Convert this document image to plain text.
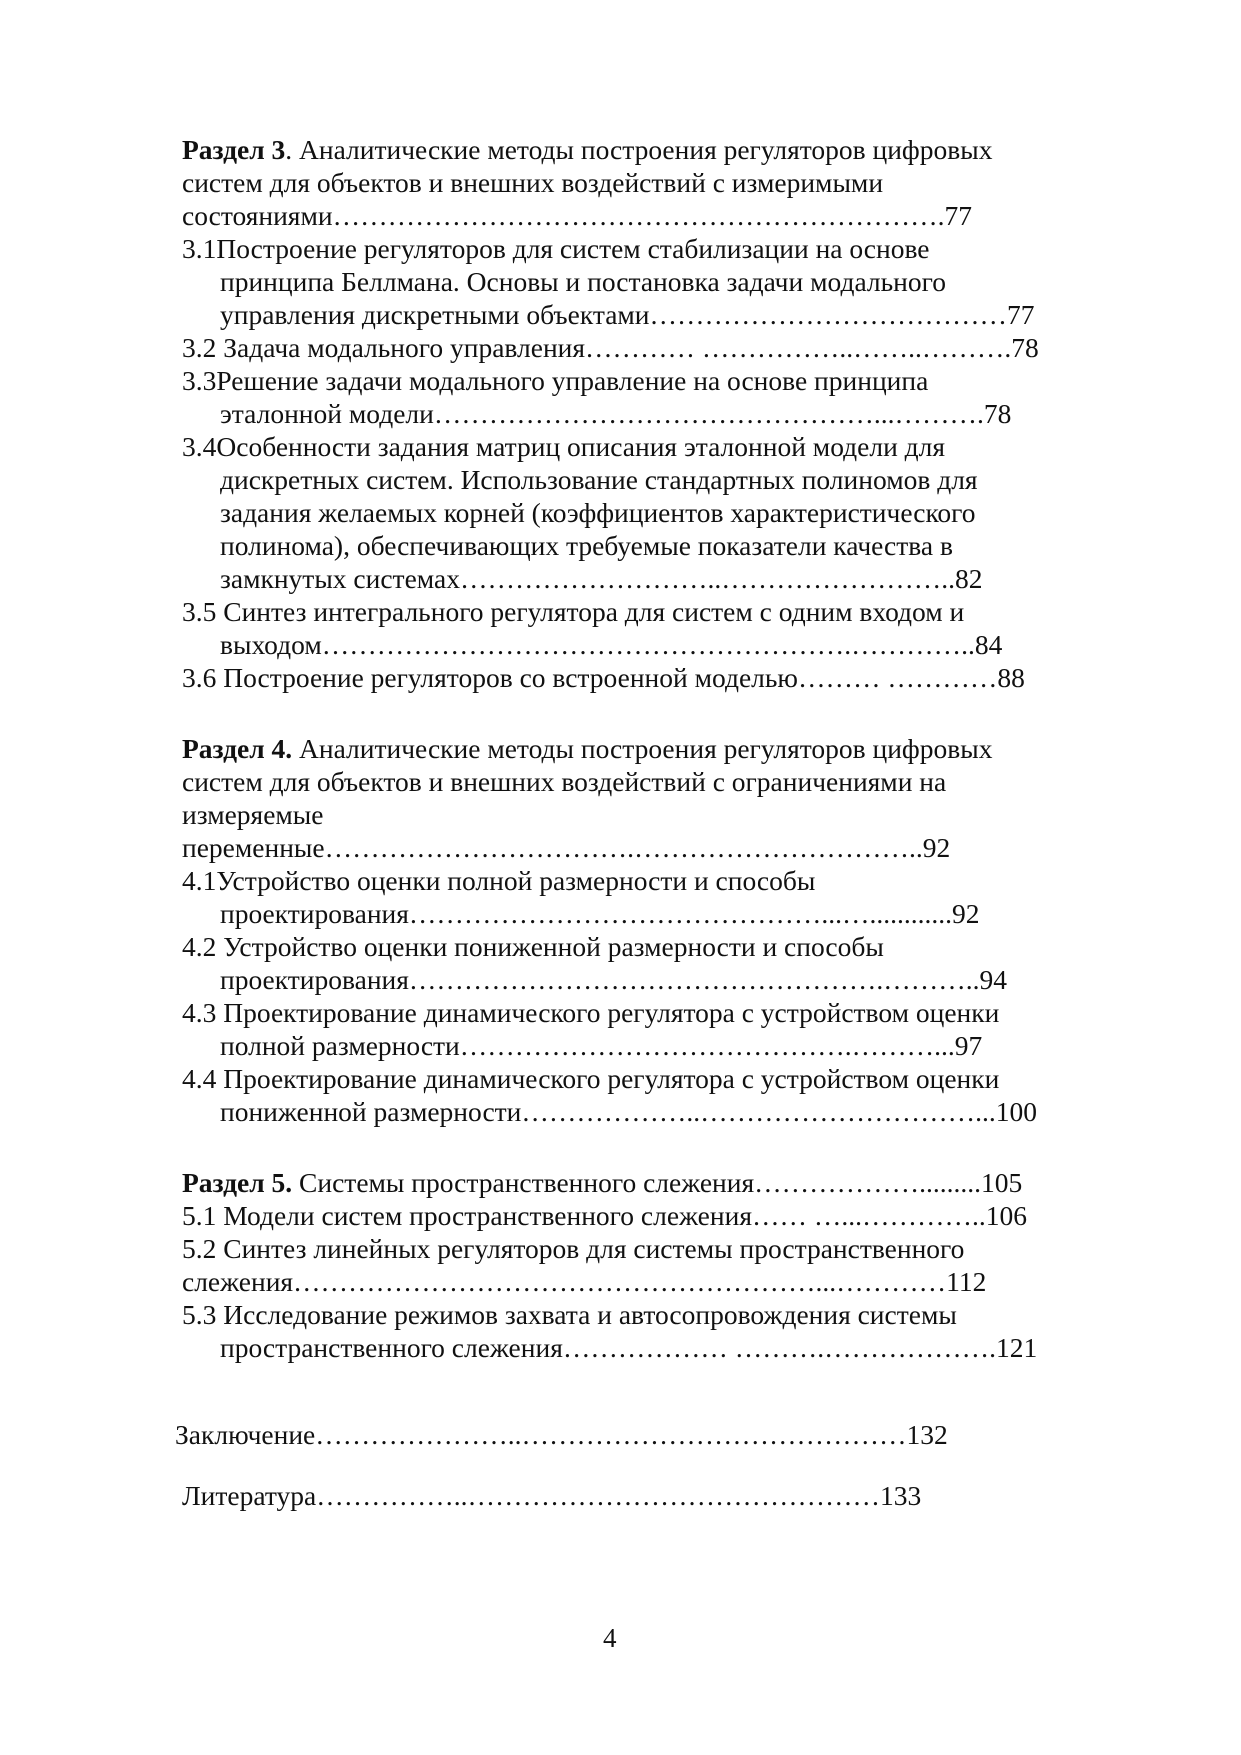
Раздел 3. Аналитические методы построения регуляторов цифровых
систем для объектов и внешних воздействий с измеримыми
состояниями………………………………………………………….77
3.1Построение регуляторов для систем стабилизации на основе
принципа Беллмана. Основы и постановка задачи модального
управления дискретными объектами…………………………………77
3.2 Задача модального управления………… ……………..……..……….78
3.3Решение задачи модального управление на основе принципа
эталонной модели…………………………………………...……….78
3.4Особенности задания матриц описания эталонной модели для
дискретных систем. Использование стандартных полиномов для
задания желаемых корней (коэффициентов характеристического
полинома), обеспечивающих требуемые показатели качества в
замкнутых системах………………………..……………………..82
3.5 Синтез интегрального регулятора для систем с одним входом и
выходом………………………………………………….…………..84
3.6 Построение регуляторов со встроенной моделью……… …………88
Раздел 4. Аналитические методы построения регуляторов цифровых
систем для объектов и внешних воздействий с ограничениями на
измеряемые
переменные…………………………….…………………………..92
4.1Устройство оценки полной размерности и способы
проектирования………………………………………...…............92
4.2 Устройство оценки пониженной размерности и способы
проектирования…………………………………………….………..94
4.3 Проектирование динамического регулятора с устройством оценки
полной размерности…………………………………….………...97
4.4 Проектирование динамического регулятора с устройством оценки
пониженной размерности………………..…………………………...100
Раздел 5. Системы пространственного слежения……………….........105
5.1 Модели систем пространственного слежения…… …...…………..106
5.2 Синтез линейных регуляторов для системы пространственного
слежения…………………………………………………...…………112
5.3 Исследование режимов захвата и автосопровождения системы
пространственного слежения……………… ……….……………….121
Заключение…………………..……………………………………132
Литература……………..………………………………………133
4
